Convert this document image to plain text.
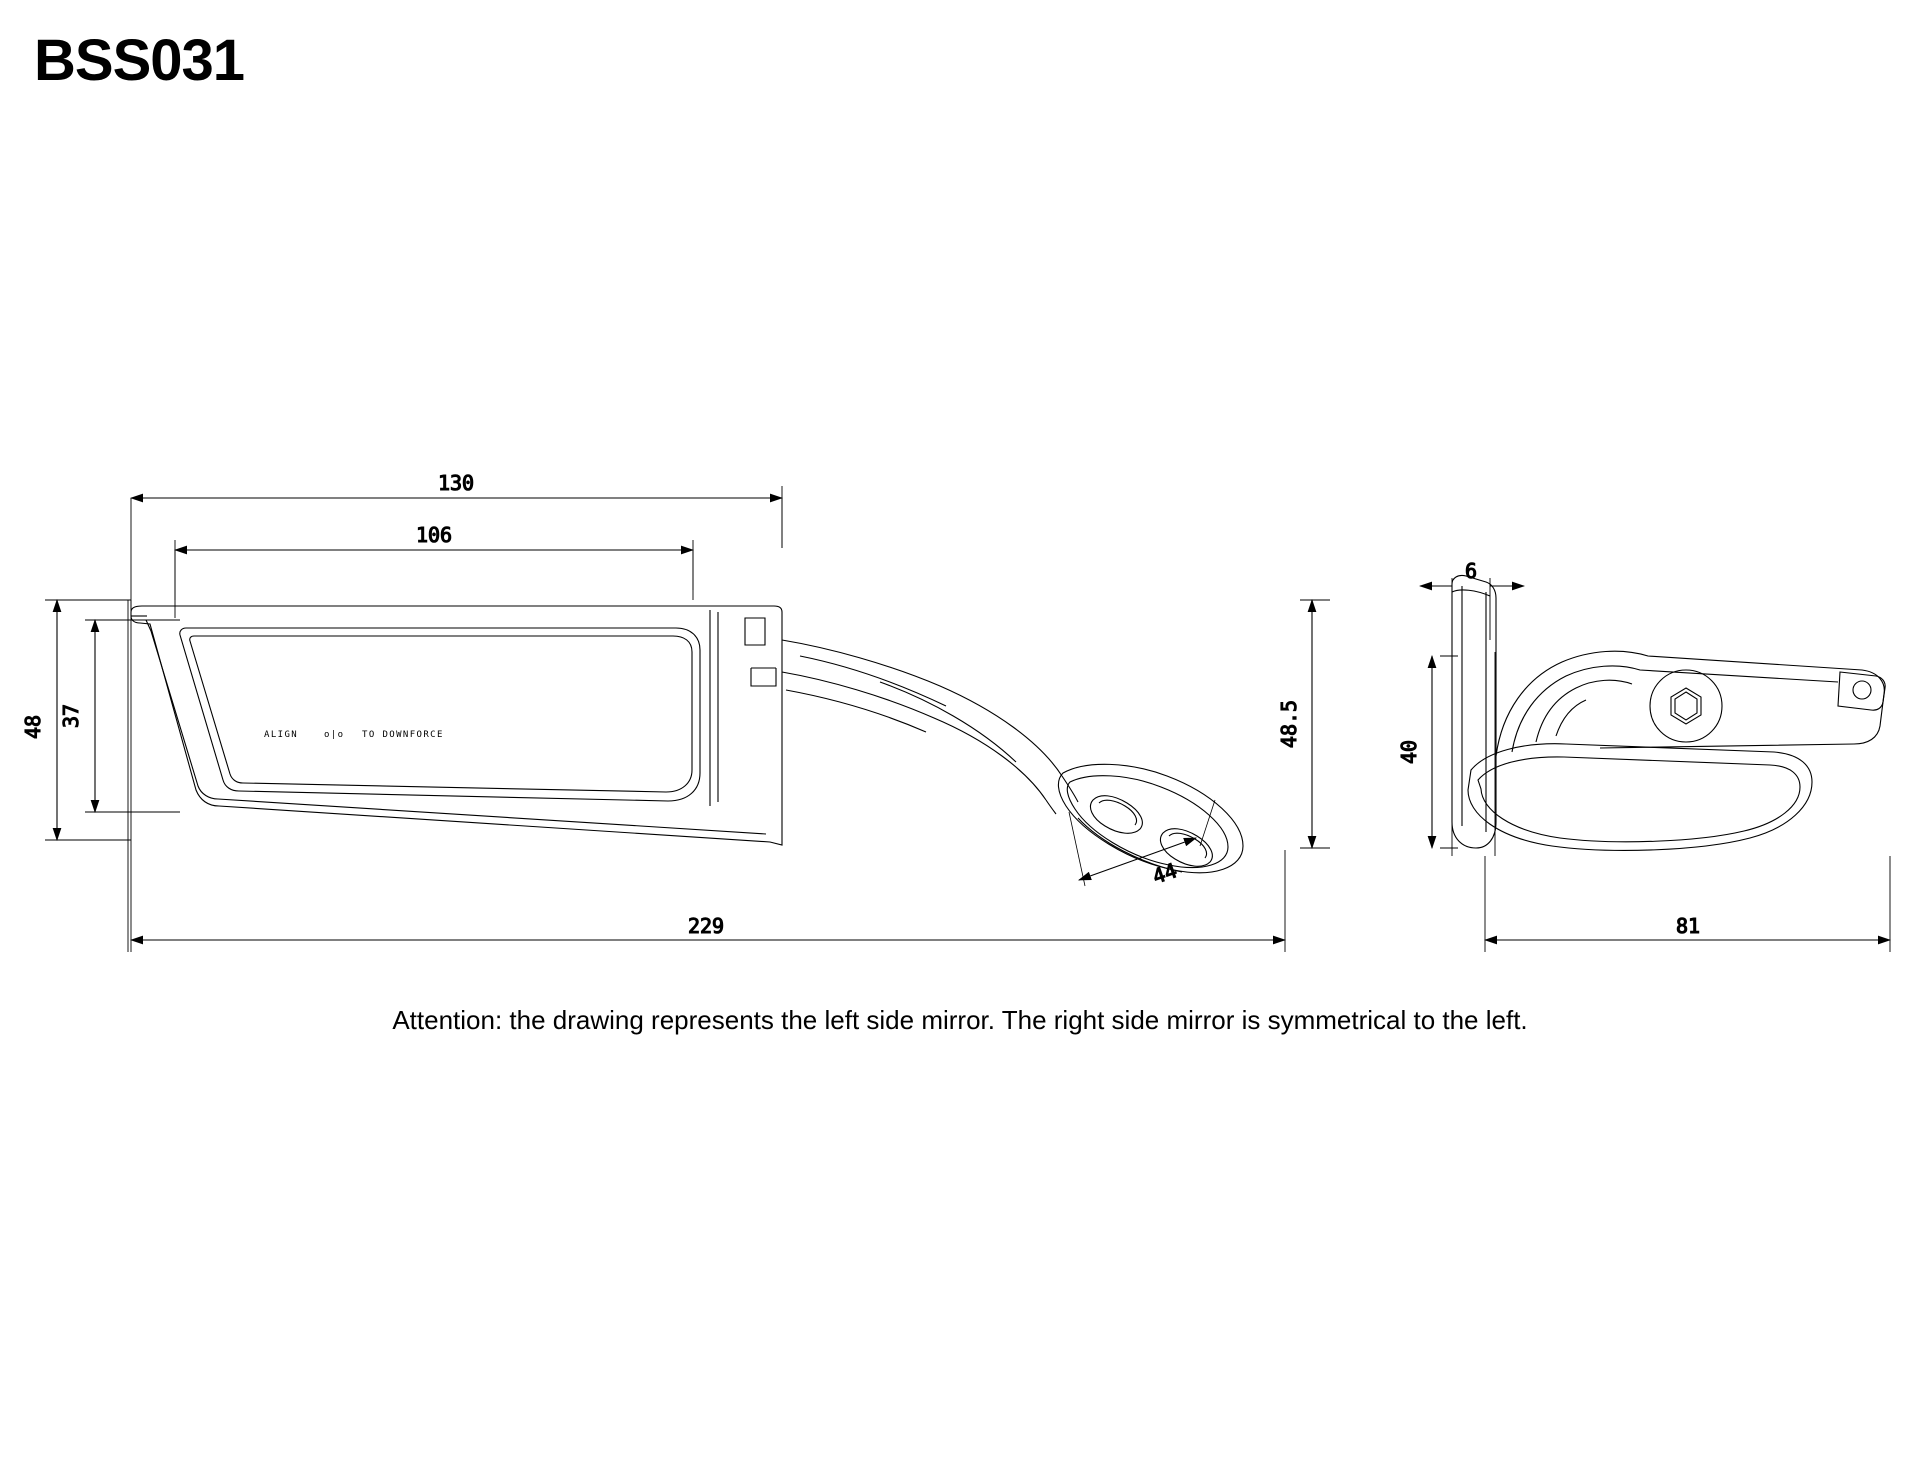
BSS031
130
106
48 37	48.5
229
44
ALIGN	o|o TO DOWNFORCE
6
40
81
Attention: the drawing represents the left side mirror. The right side mirror is symmetrical to the left.
